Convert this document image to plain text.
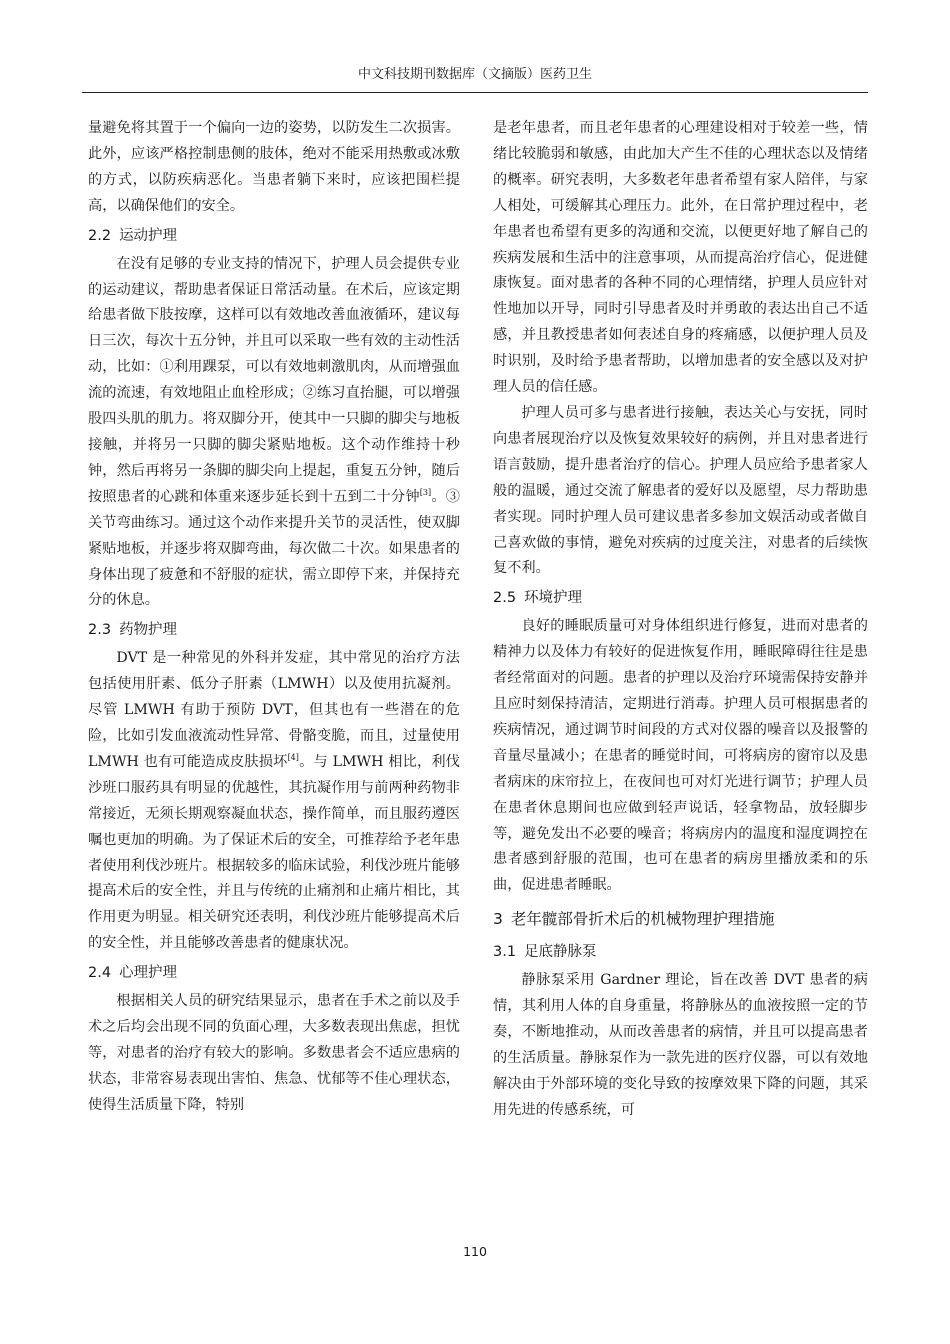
中文科技期刊数据库（文摘版）医药卫生

量避免将其置于一个偏向一边的姿势，以防发生二次损害。此外，应该严格控制患侧的肢体，绝对不能采用热敷或冰敷的方式，以防疾病恶化。当患者躺下来时，应该把围栏提高，以确保他们的安全。

2.2 运动护理

在没有足够的专业支持的情况下，护理人员会提供专业的运动建议，帮助患者保证日常活动量。在术后，应该定期给患者做下肢按摩，这样可以有效地改善血液循环，建议每日三次，每次十五分钟，并且可以采取一些有效的主动性活动，比如：①利用踝泵，可以有效地刺激肌肉，从而增强血流的流速，有效地阻止血栓形成；②练习直抬腿，可以增强股四头肌的肌力。将双脚分开，使其中一只脚的脚尖与地板接触，并将另一只脚的脚尖紧贴地板。这个动作维持十秒钟，然后再将另一条脚的脚尖向上提起，重复五分钟，随后按照患者的心跳和体重来逐步延长到十五到二十分钟[3]。③关节弯曲练习。通过这个动作来提升关节的灵活性，使双脚紧贴地板，并逐步将双脚弯曲，每次做二十次。如果患者的身体出现了疲惫和不舒服的症状，需立即停下来，并保持充分的休息。

2.3 药物护理

DVT 是一种常见的外科并发症，其中常见的治疗方法包括使用肝素、低分子肝素（LMWH）以及使用抗凝剂。尽管 LMWH 有助于预防 DVT，但其也有一些潜在的危险，比如引发血液流动性异常、骨骼变脆，而且，过量使用 LMWH 也有可能造成皮肤损坏[4]。与 LMWH 相比，利伐沙班口服药具有明显的优越性，其抗凝作用与前两种药物非常接近，无须长期观察凝血状态，操作简单，而且服药遵医嘱也更加的明确。为了保证术后的安全，可推荐给予老年患者使用利伐沙班片。根据较多的临床试验，利伐沙班片能够提高术后的安全性，并且与传统的止痛剂和止痛片相比，其作用更为明显。相关研究还表明，利伐沙班片能够提高术后的安全性，并且能够改善患者的健康状况。

2.4 心理护理

根据相关人员的研究结果显示，患者在手术之前以及手术之后均会出现不同的负面心理，大多数表现出焦虑，担忧等，对患者的治疗有较大的影响。多数患者会不适应患病的状态，非常容易表现出害怕、焦急、忧郁等不佳心理状态，使得生活质量下降，特别

是老年患者，而且老年患者的心理建设相对于较差一些，情绪比较脆弱和敏感，由此加大产生不佳的心理状态以及情绪的概率。研究表明，大多数老年患者希望有家人陪伴，与家人相处，可缓解其心理压力。此外，在日常护理过程中，老年患者也希望有更多的沟通和交流，以便更好地了解自己的疾病发展和生活中的注意事项，从而提高治疗信心，促进健康恢复。面对患者的各种不同的心理情绪，护理人员应针对性地加以开导，同时引导患者及时并勇敢的表达出自己不适感，并且教授患者如何表述自身的疼痛感，以便护理人员及时识别，及时给予患者帮助，以增加患者的安全感以及对护理人员的信任感。

护理人员可多与患者进行接触，表达关心与安抚，同时向患者展现治疗以及恢复效果较好的病例，并且对患者进行语言鼓励，提升患者治疗的信心。护理人员应给予患者家人般的温暖，通过交流了解患者的爱好以及愿望，尽力帮助患者实现。同时护理人员可建议患者多参加文娱活动或者做自己喜欢做的事情，避免对疾病的过度关注，对患者的后续恢复不利。

2.5 环境护理

良好的睡眠质量可对身体组织进行修复，进而对患者的精神力以及体力有较好的促进恢复作用，睡眠障碍往往是患者经常面对的问题。患者的护理以及治疗环境需保持安静并且应时刻保持清洁，定期进行消毒。护理人员可根据患者的疾病情况，通过调节时间段的方式对仪器的噪音以及报警的音量尽量减小；在患者的睡觉时间，可将病房的窗帘以及患者病床的床帘拉上，在夜间也可对灯光进行调节；护理人员在患者休息期间也应做到轻声说话，轻拿物品，放轻脚步等，避免发出不必要的噪音；将病房内的温度和湿度调控在患者感到舒服的范围，也可在患者的病房里播放柔和的乐曲，促进患者睡眠。

3 老年髋部骨折术后的机械物理护理措施
3.1 足底静脉泵

静脉泵采用 Gardner 理论，旨在改善 DVT 患者的病情，其利用人体的自身重量，将静脉丛的血液按照一定的节奏，不断地推动，从而改善患者的病情，并且可以提高患者的生活质量。静脉泵作为一款先进的医疗仪器，可以有效地解决由于外部环境的变化导致的按摩效果下降的问题，其采用先进的传感系统，可

110
